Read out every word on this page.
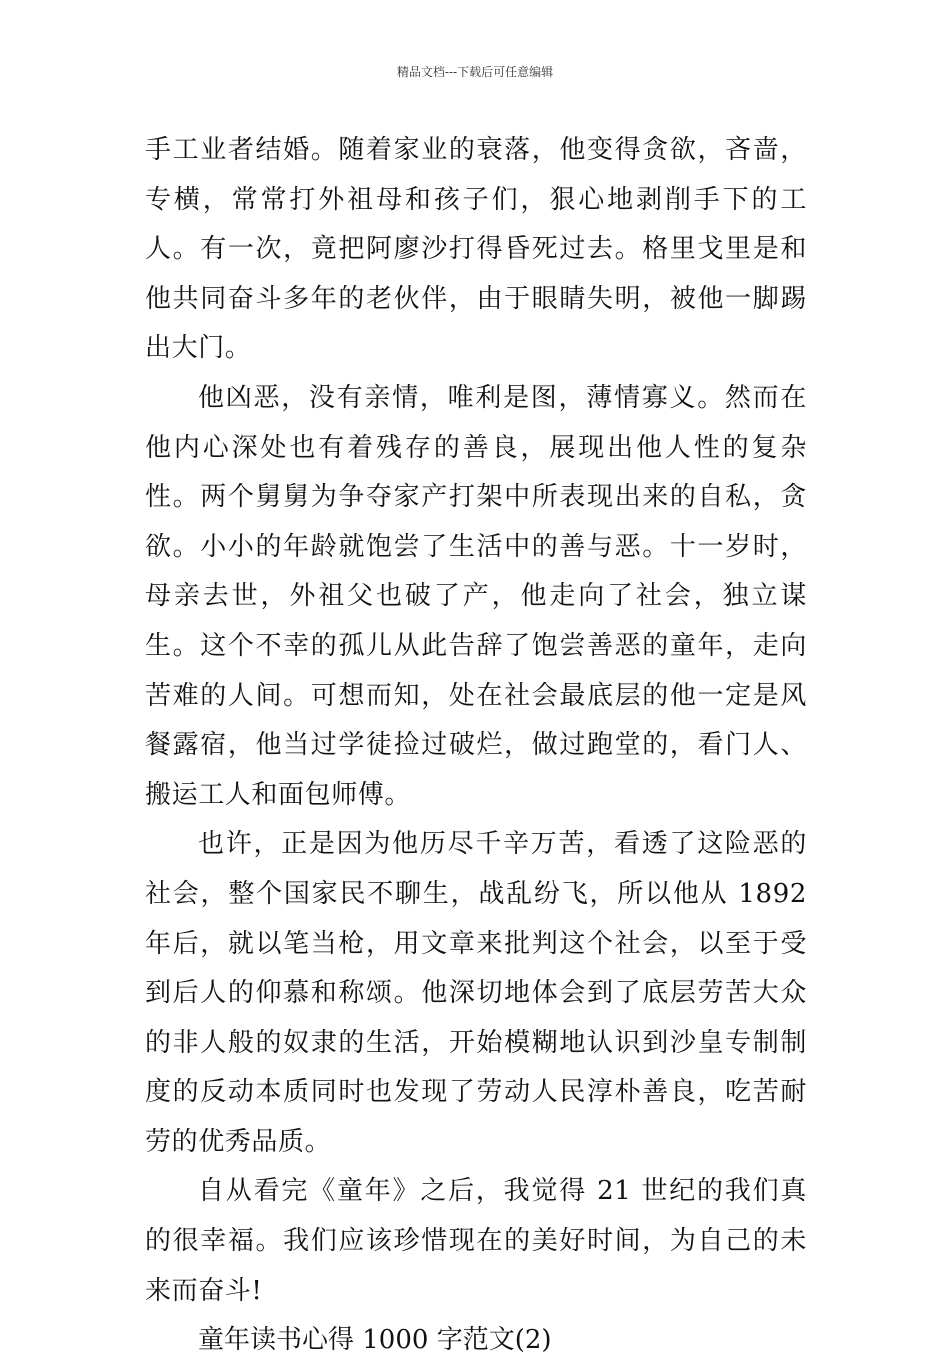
精品文档---下载后可任意编辑

手工业者结婚。随着家业的衰落，他变得贪欲，吝啬，专横，常常打外祖母和孩子们，狠心地剥削手下的工人。有一次，竟把阿廖沙打得昏死过去。格里戈里是和他共同奋斗多年的老伙伴，由于眼睛失明，被他一脚踢出大门。

他凶恶，没有亲情，唯利是图，薄情寡义。然而在他内心深处也有着残存的善良，展现出他人性的复杂性。两个舅舅为争夺家产打架中所表现出来的自私，贪欲。小小的年龄就饱尝了生活中的善与恶。十一岁时，母亲去世，外祖父也破了产，他走向了社会，独立谋生。这个不幸的孤儿从此告辞了饱尝善恶的童年，走向苦难的人间。可想而知，处在社会最底层的他一定是风餐露宿，他当过学徒捡过破烂，做过跑堂的，看门人、搬运工人和面包师傅。

也许，正是因为他历尽千辛万苦，看透了这险恶的社会，整个国家民不聊生，战乱纷飞，所以他从 1892 年后，就以笔当枪，用文章来批判这个社会，以至于受到后人的仰慕和称颂。他深切地体会到了底层劳苦大众的非人般的奴隶的生活，开始模糊地认识到沙皇专制制度的反动本质同时也发现了劳动人民淳朴善良，吃苦耐劳的优秀品质。

自从看完《童年》之后，我觉得 21 世纪的我们真的很幸福。我们应该珍惜现在的美好时间，为自己的未来而奋斗!

童年读书心得 1000 字范文(2)
